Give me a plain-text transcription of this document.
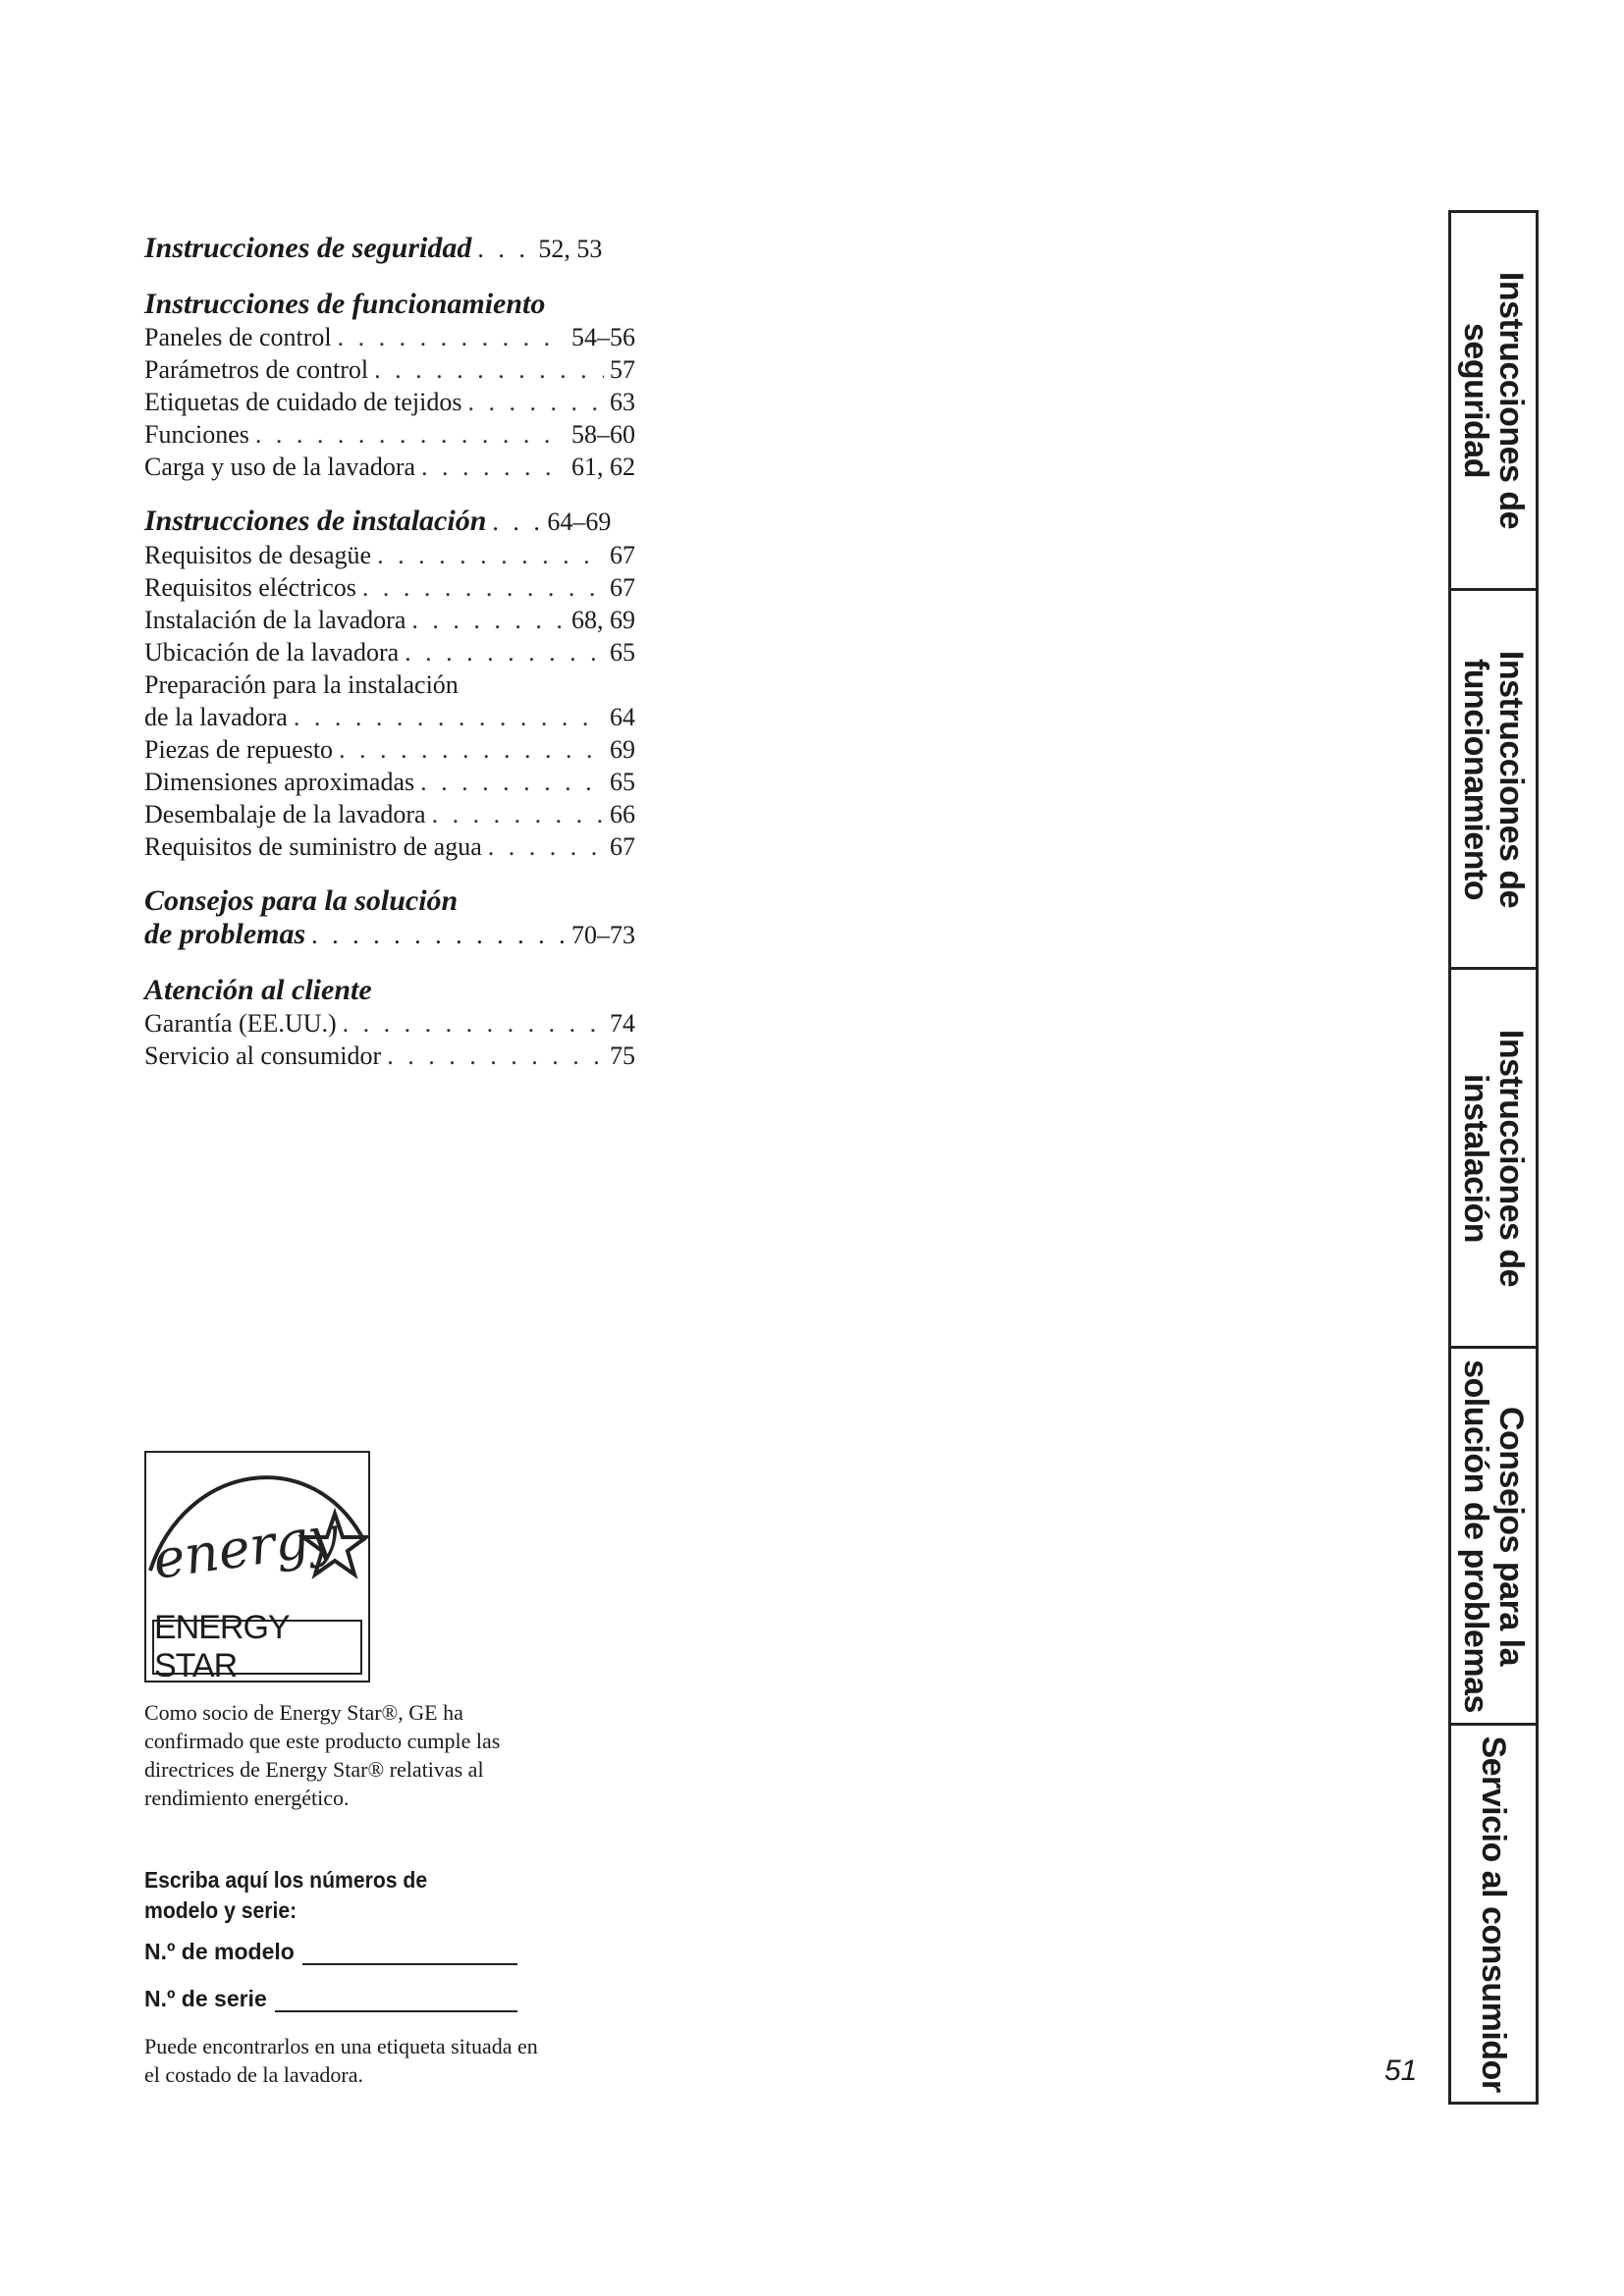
Instrucciones de seguridad . . .	52, 53
Instrucciones de funcionamiento
Paneles de control . . .	54–56
Parámetros de control . . .	57
Etiquetas de cuidado de tejidos . . .	63
Funciones . . .	58–60
Carga y uso de la lavadora . . .	61, 62
Instrucciones de instalación . . . 64–69
Requisitos de desagüe . . .	67
Requisitos eléctricos . . .	67
Instalación de la lavadora . . .	68, 69
Ubicación de la lavadora . . .	65
Preparación para la instalación
de la lavadora . . .	64
Piezas de repuesto . . .	69
Dimensiones aproximadas . . .	65
Desembalaje de la lavadora . . .	66
Requisitos de suministro de agua . . .	67
Consejos para la solución
de problemas . . .	70–73
Atención al cliente
Garantía (EE.UU.) . . .	74
Servicio al consumidor . . .	75
energy
ENERGY STAR
Como socio de Energy Star®, GE ha confirmado que este producto cumple las directrices de Energy Star® relativas al rendimiento energético.
Escriba aquí los números de modelo y serie:
N.º de modelo
N.º de serie
Puede encontrarlos en una etiqueta situada en el costado de la lavadora.	51
Instrucciones de
seguridad
Instrucciones de
funcionamiento
Instrucciones de
instalación
Consejos para la
solución de problemas
Servicio al consumidor
